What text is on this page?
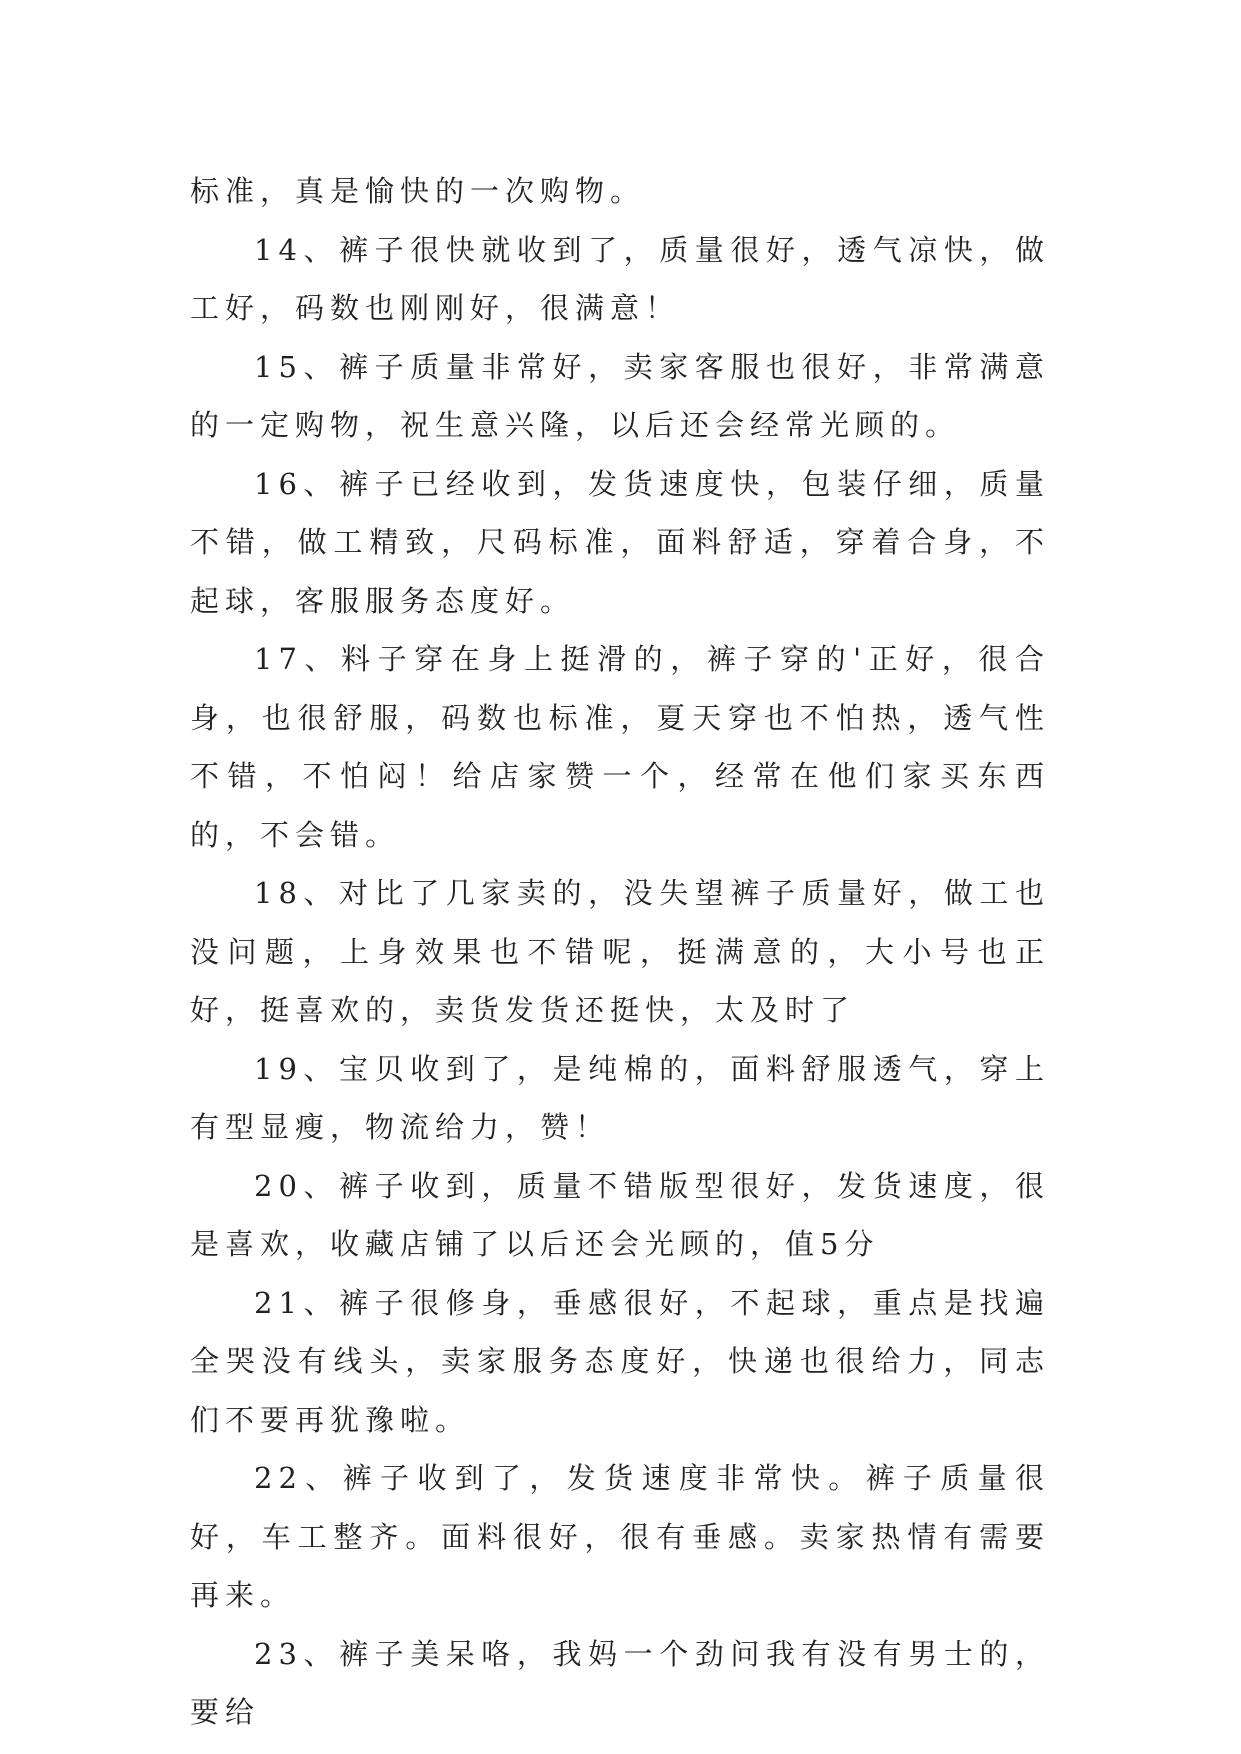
标准，真是愉快的一次购物。

14、裤子很快就收到了，质量很好，透气凉快，做工好，码数也刚刚好，很满意！

15、裤子质量非常好，卖家客服也很好，非常满意的一定购物，祝生意兴隆，以后还会经常光顾的。

16、裤子已经收到，发货速度快，包装仔细，质量不错，做工精致，尺码标准，面料舒适，穿着合身，不起球，客服服务态度好。

17、料子穿在身上挺滑的，裤子穿的'正好，很合身，也很舒服，码数也标准，夏天穿也不怕热，透气性不错，不怕闷！给店家赞一个，经常在他们家买东西的，不会错。

18、对比了几家卖的，没失望裤子质量好，做工也没问题，上身效果也不错呢，挺满意的，大小号也正好，挺喜欢的，卖货发货还挺快，太及时了

19、宝贝收到了，是纯棉的，面料舒服透气，穿上有型显瘦，物流给力，赞！

20、裤子收到，质量不错版型很好，发货速度，很是喜欢，收藏店铺了以后还会光顾的，值5分

21、裤子很修身，垂感很好，不起球，重点是找遍全哭没有线头，卖家服务态度好，快递也很给力，同志们不要再犹豫啦。

22、裤子收到了，发货速度非常快。裤子质量很好，车工整齐。面料很好，很有垂感。卖家热情有需要再来。

23、裤子美呆咯，我妈一个劲问我有没有男士的，要给
